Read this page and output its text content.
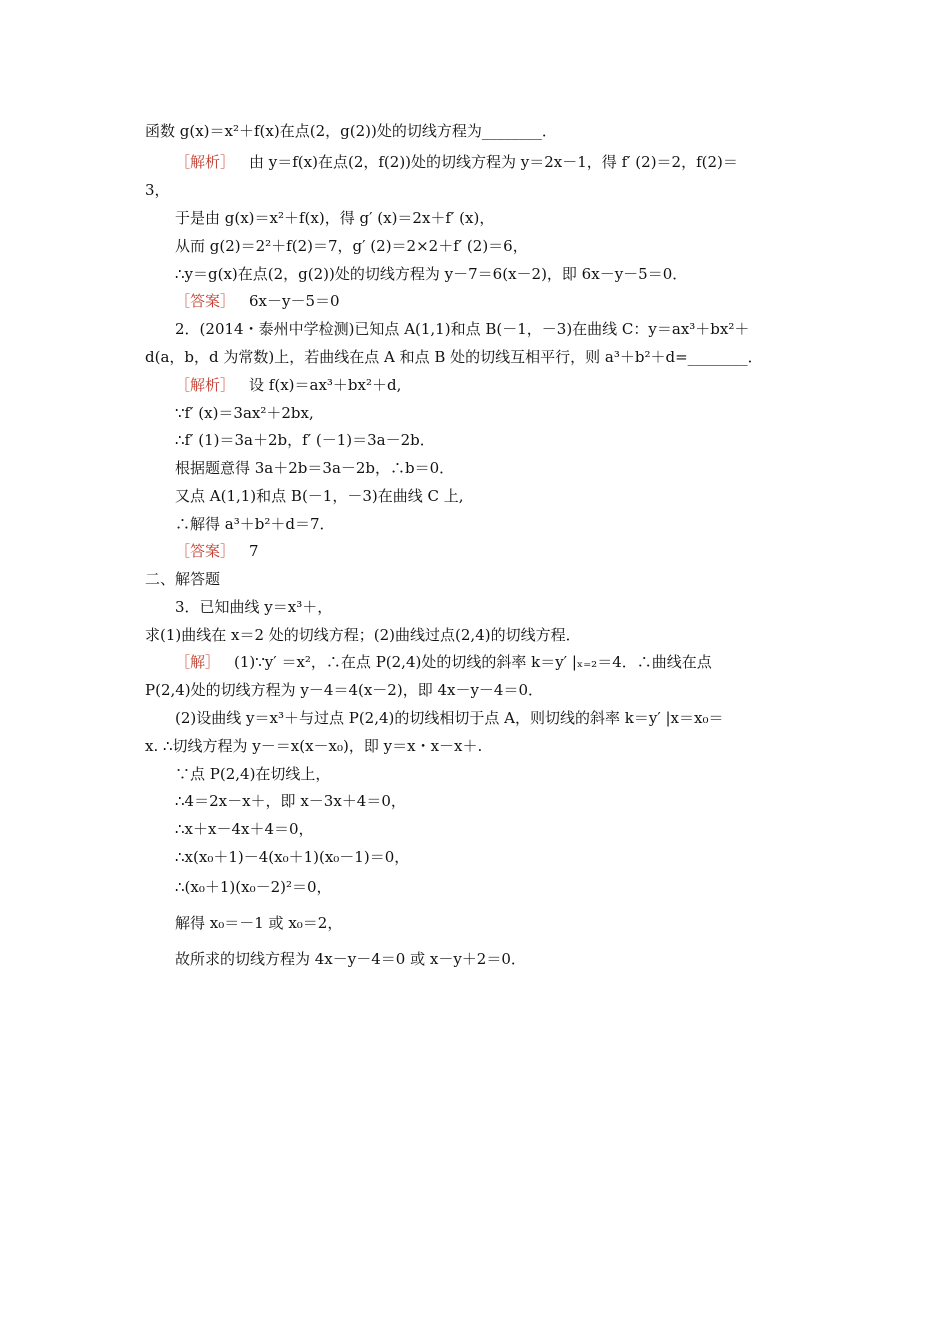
函数 g(x)＝x²＋f(x)在点(2，g(2))处的切线方程为________．
［解析］ 由 y＝f(x)在点(2，f(2))处的切线方程为 y＝2x－1，得 f′ (2)＝2，f(2)＝
3，
于是由 g(x)＝x²＋f(x)，得 g′ (x)＝2x＋f′ (x)，
从而 g(2)＝2²＋f(2)＝7，g′ (2)＝2×2＋f′ (2)＝6，
∴y＝g(x)在点(2，g(2))处的切线方程为 y－7＝6(x－2)，即 6x－y－5＝0．
［答案］ 6x－y－5＝0
2．(2014・泰州中学检测)已知点 A(1,1)和点 B(－1，－3)在曲线 C：y＝ax³＋bx²＋
d(a，b，d 为常数)上，若曲线在点 A 和点 B 处的切线互相平行，则 a³＋b²＋d=________．
［解析］ 设 f(x)＝ax³＋bx²＋d,
∵f′ (x)＝3ax²＋2bx,
∴f′ (1)＝3a＋2b，f′ (－1)＝3a－2b．
根据题意得 3a＋2b＝3a－2b，∴b＝0．
又点 A(1,1)和点 B(－1，－3)在曲线 C 上,
∴解得 a³＋b²＋d＝7．
［答案］ 7
二、解答题
3．已知曲线 y＝x³＋，
求(1)曲线在 x＝2 处的切线方程；(2)曲线过点(2,4)的切线方程．
［解］ (1)∵y′ ＝x²，∴在点 P(2,4)处的切线的斜率 k＝y′ |ₓ₌₂＝4．∴曲线在点
P(2,4)处的切线方程为 y－4＝4(x－2)，即 4x－y－4＝0．
(2)设曲线 y＝x³＋与过点 P(2,4)的切线相切于点 A，则切线的斜率 k＝y′ |x＝x₀＝
x. ∴切线方程为 y－＝x(x－x₀)，即 y＝x・x－x＋.
∵点 P(2,4)在切线上，
∴4＝2x－x＋，即 x－3x＋4＝0，
∴x＋x－4x＋4＝0，
∴x(x₀＋1)－4(x₀＋1)(x₀－1)＝0，
∴(x₀＋1)(x₀－2)²＝0，
解得 x₀＝－1 或 x₀＝2，
故所求的切线方程为 4x－y－4＝0 或 x－y＋2＝0．
